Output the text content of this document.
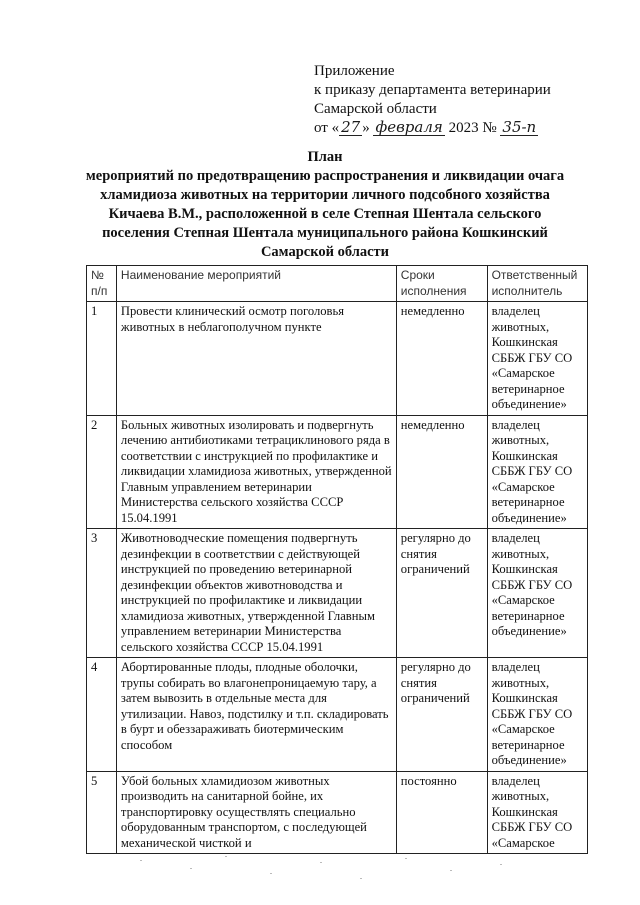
Приложение
к приказу департамента ветеринарии
Самарской области
от « 27 » февраля 2023 № 35-п
План
мероприятий по предотвращению распространения и ликвидации очага
хламидиоза животных на территории личного подсобного хозяйства
Кичаева В.М., расположенной в селе Степная Шентала сельского
поселения Степная Шентала муниципального района Кошкинский
Самарской области
№ п/п	Наименование мероприятий	Сроки исполнения	Ответственный исполнитель
1	Провести клинический осмотр поголовья животных в неблагополучном пункте	немедленно	владелец животных, Кошкинская СББЖ ГБУ СО «Самарское ветеринарное объединение»
2	Больных животных изолировать и подвергнуть лечению антибиотиками тетрациклинового ряда в соответствии с инструкцией по профилактике и ликвидации хламидиоза животных, утвержденной Главным управлением ветеринарии Министерства сельского хозяйства СССР 15.04.1991	немедленно	владелец животных, Кошкинская СББЖ ГБУ СО «Самарское ветеринарное объединение»
3	Животноводческие помещения подвергнуть дезинфекции в соответствии с действующей инструкцией по проведению ветеринарной дезинфекции объектов животноводства и инструкцией по профилактике и ликвидации хламидиоза животных, утвержденной Главным управлением ветеринарии Министерства сельского хозяйства СССР 15.04.1991	регулярно до снятия ограничений	владелец животных, Кошкинская СББЖ ГБУ СО «Самарское ветеринарное объединение»
4	Абортированные плоды, плодные оболочки, трупы собирать во влагонепроницаемую тару, а затем вывозить в отдельные места для утилизации. Навоз, подстилку и т.п. складировать в бурт и обеззараживать биотермическим способом	регулярно до снятия ограничений	владелец животных, Кошкинская СББЖ ГБУ СО «Самарское ветеринарное объединение»
5	Убой больных хламидиозом животных производить на санитарной бойне, их транспортировку осуществлять специально оборудованным транспортом, с последующей механической чисткой и	постоянно	владелец животных, Кошкинская СББЖ ГБУ СО «Самарское
